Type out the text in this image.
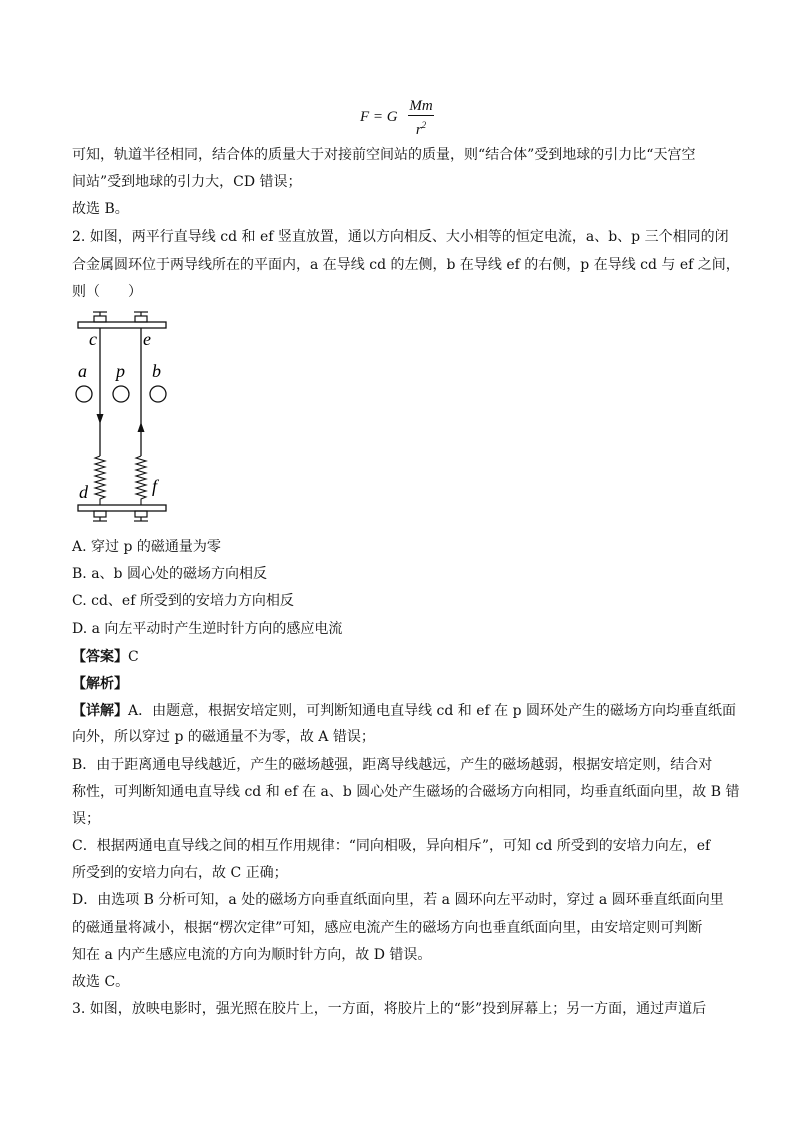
F = G $\frac{Mm}{r^2}$
可知，轨道半径相同，结合体的质量大于对接前空间站的质量，则“结合体”受到地球的引力比“天宫空
间站”受到地球的引力大，CD 错误；
故选 B。
2. 如图，两平行直导线 cd 和 ef 竖直放置，通以方向相反、大小相等的恒定电流，a、b、p 三个相同的闭
合金属圆环位于两导线所在的平面内，a 在导线 cd 的左侧，b 在导线 ef 的右侧，p 在导线 cd 与 ef 之间，
则（　　）
c	e
a p b
d	f
A. 穿过 p 的磁通量为零
B. a、b 圆心处的磁场方向相反
C. cd、ef 所受到的安培力方向相反
D. a 向左平动时产生逆时针方向的感应电流
【答案】C
【解析】
【详解】A．由题意，根据安培定则，可判断知通电直导线 cd 和 ef 在 p 圆环处产生的磁场方向均垂直纸面
向外，所以穿过 p 的磁通量不为零，故 A 错误；
B．由于距离通电导线越近，产生的磁场越强，距离导线越远，产生的磁场越弱，根据安培定则，结合对
称性，可判断知通电直导线 cd 和 ef 在 a、b 圆心处产生磁场的合磁场方向相同，均垂直纸面向里，故 B 错
误；
C．根据两通电直导线之间的相互作用规律：“同向相吸，异向相斥”，可知 cd 所受到的安培力向左，ef
所受到的安培力向右，故 C 正确；
D．由选项 B 分析可知，a 处的磁场方向垂直纸面向里，若 a 圆环向左平动时，穿过 a 圆环垂直纸面向里
的磁通量将减小，根据“楞次定律”可知，感应电流产生的磁场方向也垂直纸面向里，由安培定则可判断
知在 a 内产生感应电流的方向为顺时针方向，故 D 错误。
故选 C。
3. 如图，放映电影时，强光照在胶片上，一方面，将胶片上的“影”投到屏幕上；另一方面，通过声道后
